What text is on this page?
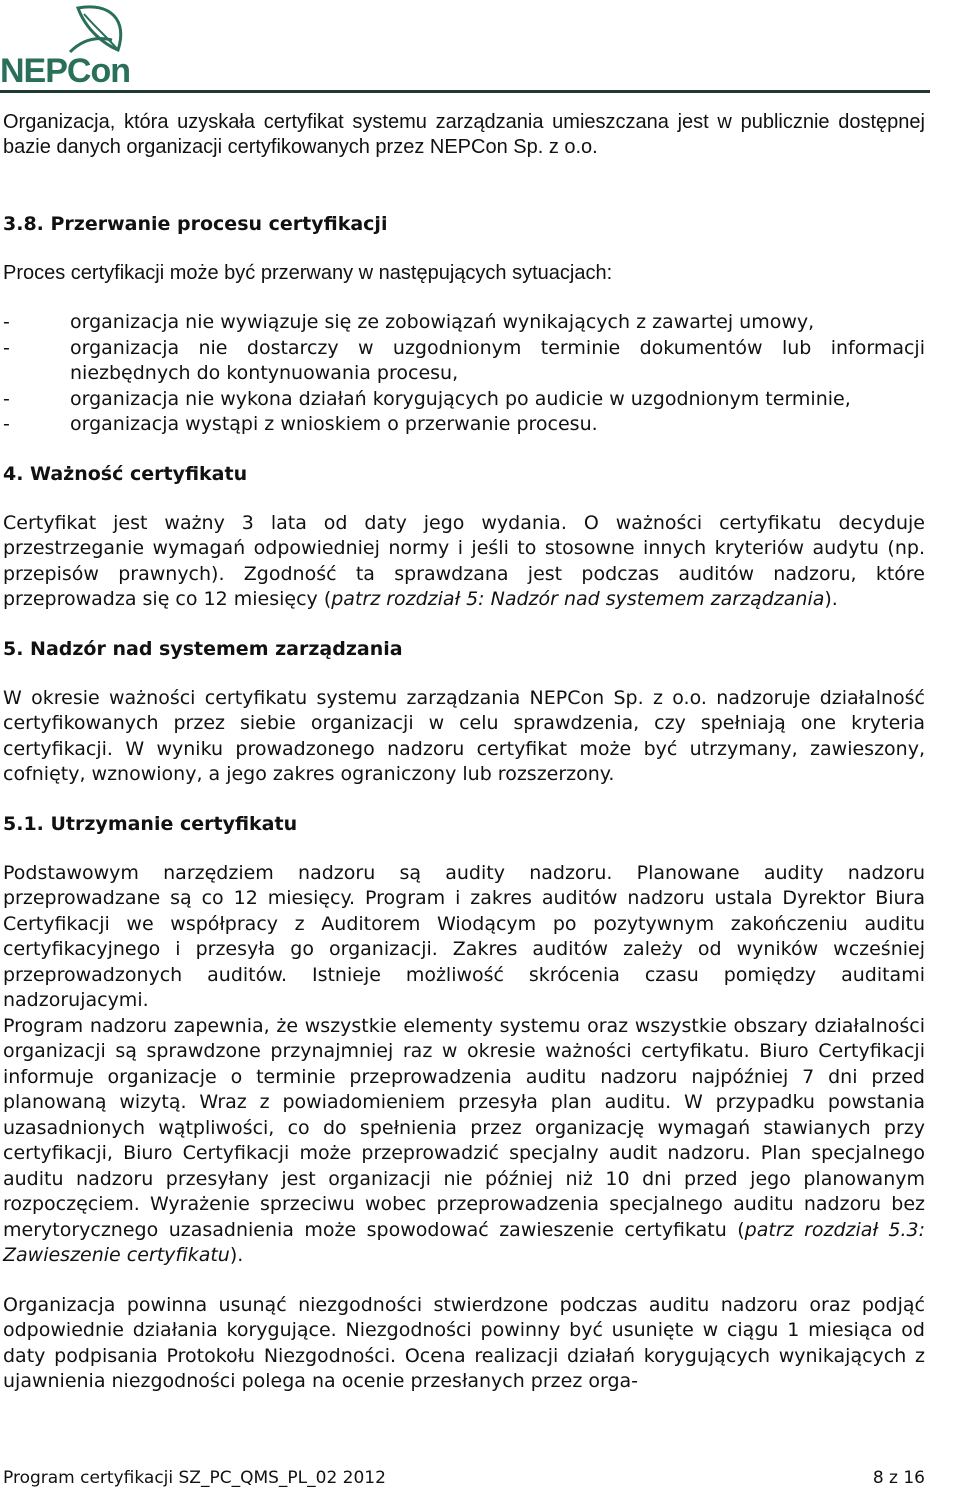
NEPCon

Organizacja, która uzyskała certyfikat systemu zarządzania umieszczana jest w publicznie dostępnej bazie danych organizacji certyfikowanych przez NEPCon Sp. z o.o.

3.8. Przerwanie procesu certyfikacji

Proces certyfikacji może być przerwany w następujących sytuacjach:

-	organizacja nie wywiązuje się ze zobowiązań wynikających z zawartej umowy,
-	organizacja nie dostarczy w uzgodnionym terminie dokumentów lub informacji niezbędnych do kontynuowania procesu,
-	organizacja nie wykona działań korygujących po audicie w uzgodnionym terminie,
-	organizacja wystąpi z wnioskiem o przerwanie procesu.

4. Ważność certyfikatu

Certyfikat jest ważny 3 lata od daty jego wydania. O ważności certyfikatu decyduje przestrzeganie wymagań odpowiedniej normy i jeśli to stosowne innych kryteriów audytu (np. przepisów prawnych). Zgodność ta sprawdzana jest podczas auditów nadzoru, które przeprowadza się co 12 miesięcy (patrz rozdział 5: Nadzór nad systemem zarządzania).

5. Nadzór nad systemem zarządzania

W okresie ważności certyfikatu systemu zarządzania NEPCon Sp. z o.o. nadzoruje działalność certyfikowanych przez siebie organizacji w celu sprawdzenia, czy spełniają one kryteria certyfikacji. W wyniku prowadzonego nadzoru certyfikat może być utrzymany, zawieszony, cofnięty, wznowiony, a jego zakres ograniczony lub rozszerzony.

5.1. Utrzymanie certyfikatu

Podstawowym narzędziem nadzoru są audity nadzoru. Planowane audity nadzoru przeprowadzane są co 12 miesięcy. Program i zakres auditów nadzoru ustala Dyrektor Biura Certyfikacji we współpracy z Auditorem Wiodącym po pozytywnym zakończeniu auditu certyfikacyjnego i przesyła go organizacji. Zakres auditów zależy od wyników wcześniej przeprowadzonych auditów. Istnieje możliwość skrócenia czasu pomiędzy auditami nadzorujacymi.

Program nadzoru zapewnia, że wszystkie elementy systemu oraz wszystkie obszary działalności organizacji są sprawdzone przynajmniej raz w okresie ważności certyfikatu. Biuro Certyfikacji informuje organizacje o terminie przeprowadzenia auditu nadzoru najpóźniej 7 dni przed planowaną wizytą. Wraz z powiadomieniem przesyła plan auditu. W przypadku powstania uzasadnionych wątpliwości, co do spełnienia przez organizację wymagań stawianych przy certyfikacji, Biuro Certyfikacji może przeprowadzić specjalny audit nadzoru. Plan specjalnego auditu nadzoru przesyłany jest organizacji nie później niż 10 dni przed jego planowanym rozpoczęciem. Wyrażenie sprzeciwu wobec przeprowadzenia specjalnego auditu nadzoru bez merytorycznego uzasadnienia może spowodować zawieszenie certyfikatu (patrz rozdział 5.3: Zawieszenie certyfikatu).

Organizacja powinna usunąć niezgodności stwierdzone podczas auditu nadzoru oraz podjąć odpowiednie działania korygujące. Niezgodności powinny być usunięte w ciągu 1 miesiąca od daty podpisania Protokołu Niezgodności. Ocena realizacji działań korygujących wynikających z ujawnienia niezgodności polega na ocenie przesłanych przez orga-

Program certyfikacji SZ_PC_QMS_PL_02 2012	8 z 16
